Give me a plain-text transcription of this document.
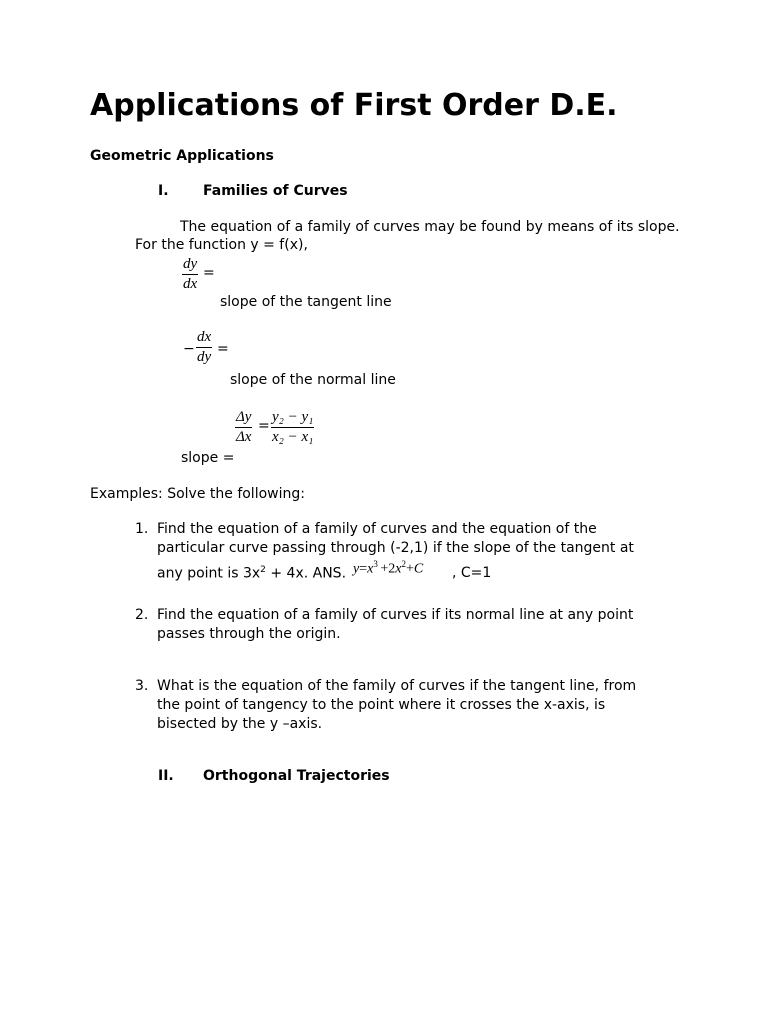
Applications of First Order D.E.
Geometric Applications
I. Families of Curves
The equation of a family of curves may be found by means of its slope.
For the function y = f(x),
$\frac{dy}{dx}$ =
slope of the tangent line
− $\frac{dx}{dy}$ =
slope of the normal line
$\frac{\Delta y}{\Delta x} = \frac{\text{y₂ − y₁}}{\text{x₂ − x₁}}$
slope =
Examples: Solve the following:
1. Find the equation of a family of curves and the equation of the
particular curve passing through (-2,1) if the slope of the tangent at
any point is $3x^2 + 4x$. ANS. $y=x^3 +2x^2+C$ , C=1
2. Find the equation of a family of curves if its normal line at any point
passes through the origin.
3. What is the equation of the family of curves if the tangent line, from
the point of tangency to the point where it crosses the x-axis, is
bisected by the y –axis.
II. Orthogonal Trajectories
